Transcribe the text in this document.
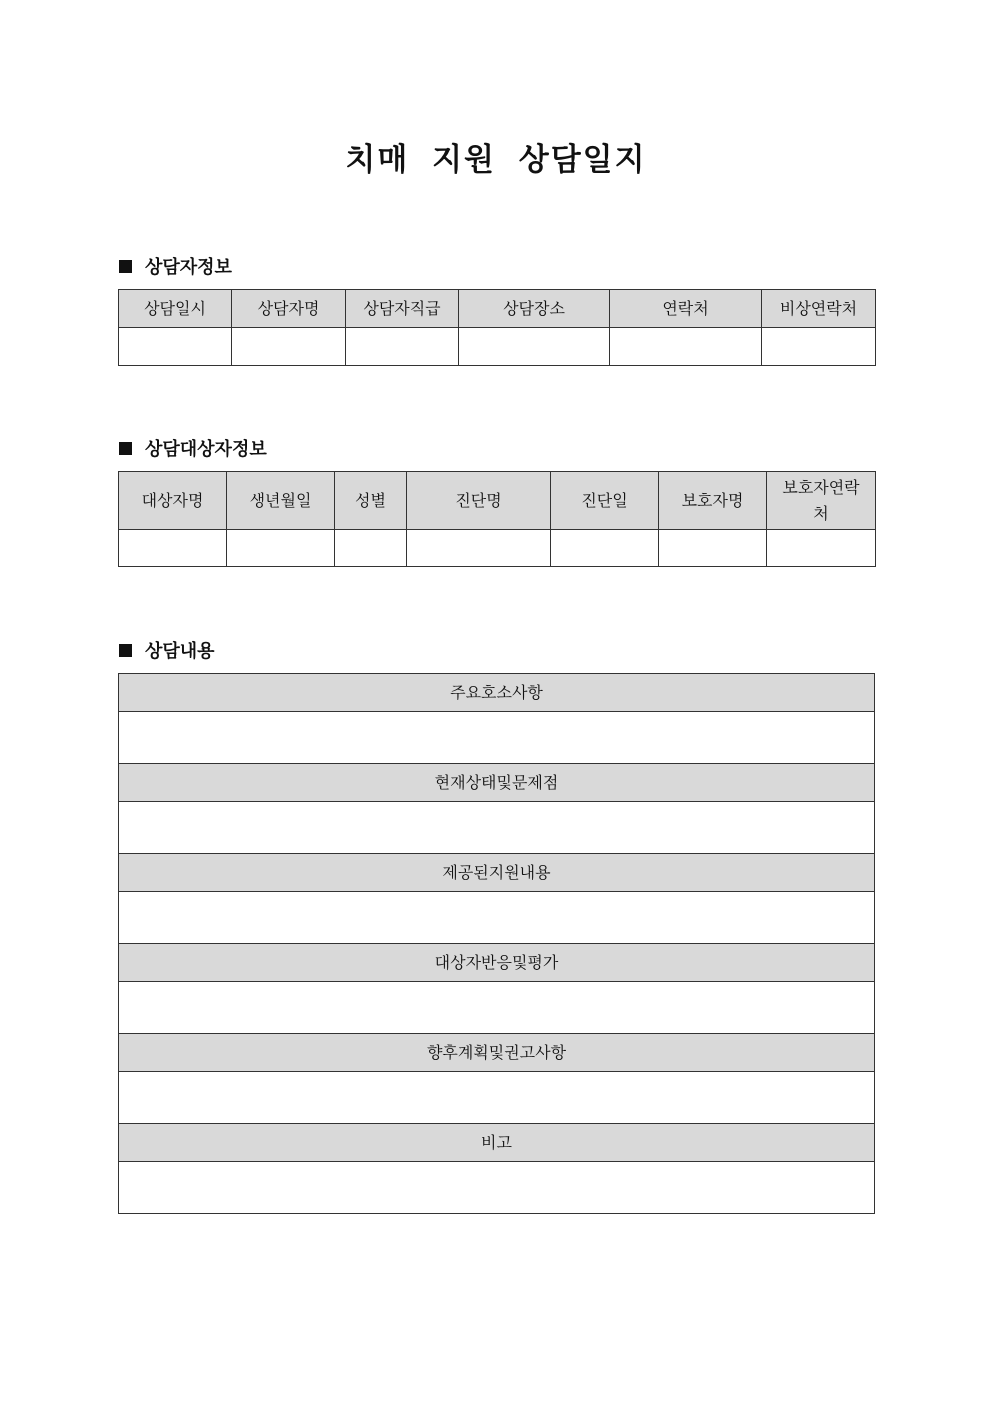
치매 지원 상담일지
상담자정보
상담일시	상담자명	상담자직급	상담장소	연락처	비상연락처

상담대상자정보
대상자명	생년월일	성별	진단명	진단일	보호자명	보호자연락처

상담내용
주요호소사항

현재상태및문제점

제공된지원내용

대상자반응및평가

향후계획및권고사항

비고
